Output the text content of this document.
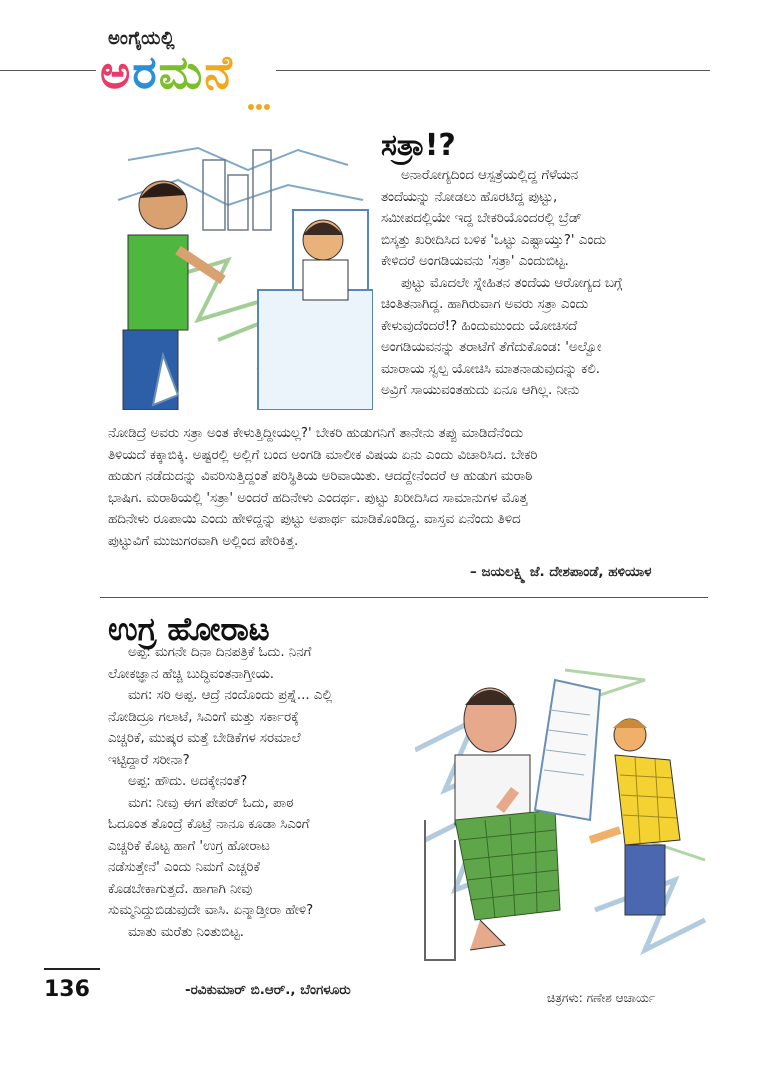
ಅಂಗೈಯಲ್ಲಿ
ಅರಮನೆ
ಸತ್ರಾ!?
ಅನಾರೋಗ್ಯದಿಂದ ಆಸ್ಪತ್ರೆಯಲ್ಲಿದ್ದ ಗೆಳೆಯನ
ತಂದೆಯನ್ನು ನೋಡಲು ಹೊರಟಿದ್ದ ಪುಟ್ಟು,
ಸಮೀಪದಲ್ಲಿಯೇ ಇದ್ದ ಬೇಕರಿಯೊಂದರಲ್ಲಿ ಬ್ರೆಡ್
ಬಿಸ್ಕತ್ತು ಖರೀದಿಸಿದ ಬಳಿಕ 'ಒಟ್ಟು ಎಷ್ಟಾಯ್ತು?' ಎಂದು
ಕೇಳಿದರೆ ಅಂಗಡಿಯವನು 'ಸತ್ರಾ' ಎಂದುಬಿಟ್ಟ.
ಪುಟ್ಟು ಮೊದಲೇ ಸ್ನೇಹಿತನ ತಂದೆಯ ಆರೋಗ್ಯದ ಬಗ್ಗೆ
ಚಿಂತಿತನಾಗಿದ್ದ. ಹಾಗಿರುವಾಗ ಅವರು ಸತ್ರಾ ಎಂದು
ಕೇಳುವುದೆಂದರೆ!? ಹಿಂದುಮುಂದು ಯೋಚಿಸದೆ
ಅಂಗಡಿಯವನನ್ನು ತರಾಟೆಗೆ ತೆಗೆದುಕೊಂಡ: 'ಅಲ್ವೋ
ಮಾರಾಯ ಸ್ವಲ್ಪ ಯೋಚಿಸಿ ಮಾತನಾಡುವುದನ್ನು ಕಲಿ.
ಅವ್ರಿಗೆ ಸಾಯುವಂತಹುದು ಏನೂ ಆಗಿಲ್ಲ. ನೀನು
ನೋಡಿದ್ರೆ ಅವರು ಸತ್ರಾ ಅಂತ ಕೇಳುತ್ತಿದ್ದೀಯಲ್ಲ?' ಬೇಕರಿ ಹುಡುಗನಿಗೆ ತಾನೇನು ತಪ್ಪು ಮಾಡಿದೆನೆಂದು
ತಿಳಿಯದೆ ಕಕ್ಕಾಬಿಕ್ಕಿ. ಅಷ್ಟರಲ್ಲಿ ಅಲ್ಲಿಗೆ ಬಂದ ಅಂಗಡಿ ಮಾಲೀಕ ವಿಷಯ ಏನು ಎಂದು ವಿಚಾರಿಸಿದ. ಬೇಕರಿ
ಹುಡುಗ ನಡೆದುದನ್ನು ವಿವರಿಸುತ್ತಿದ್ದಂತೆ ಪರಿಸ್ಥಿತಿಯ ಅರಿವಾಯಿತು. ಆದದ್ದೇನೆಂದರೆ ಆ ಹುಡುಗ ಮರಾಠಿ
ಭಾಷಿಗ. ಮರಾಠಿಯಲ್ಲಿ 'ಸತ್ರಾ' ಅಂದರೆ ಹದಿನೇಳು ಎಂದರ್ಥ. ಪುಟ್ಟು ಖರೀದಿಸಿದ ಸಾಮಾನುಗಳ ಮೊತ್ತ
ಹದಿನೇಳು ರೂಪಾಯಿ ಎಂದು ಹೇಳಿದ್ದನ್ನು ಪುಟ್ಟು ಅಪಾರ್ಥ ಮಾಡಿಕೊಂಡಿದ್ದ. ವಾಸ್ತವ ಏನೆಂದು ತಿಳಿದ
ಪುಟ್ಟುವಿಗೆ ಮುಜುಗರವಾಗಿ ಅಲ್ಲಿಂದ ಪೇರಿಕಿತ್ತ.
– ಜಯಲಕ್ಷ್ಮಿ ಜೆ. ದೇಶಪಾಂಡೆ, ಹಳಿಯಾಳ
ಉಗ್ರ ಹೋರಾಟ
ಅಪ್ಪ: ಮಗನೇ ದಿನಾ ದಿನಪತ್ರಿಕೆ ಓದು. ನಿನಗೆ
ಲೋಕಜ್ಞಾನ ಹೆಚ್ಚಿ ಬುದ್ಧಿವಂತನಾಗ್ತೀಯ.
ಮಗ: ಸರಿ ಅಪ್ಪ. ಆದ್ರೆ ನಂದೊಂದು ಪ್ರಶ್ನೆ... ಎಲ್ಲಿ
ನೋಡಿದ್ರೂ ಗಲಾಟೆ, ಸಿಎಂಗೆ ಮತ್ತು ಸರ್ಕಾರಕ್ಕೆ
ಎಚ್ಚರಿಕೆ, ಮುಷ್ಕರ ಮತ್ತೆ ಬೇಡಿಕೆಗಳ ಸರಮಾಲೆ
ಇಟ್ಟಿದ್ದಾರೆ ಸರೀನಾ?
ಅಪ್ಪ: ಹೌದು. ಅದಕ್ಕೇನಂತೆ?
ಮಗ: ನೀವು ಈಗ ಪೇಪರ್ ಓದು, ಪಾಠ
ಓದೂಂತ ತೊಂದ್ರೆ ಕೊಟ್ರೆ ನಾನೂ ಕೂಡಾ ಸಿಎಂಗೆ
ಎಚ್ಚರಿಕೆ ಕೊಟ್ಟ ಹಾಗೆ 'ಉಗ್ರ ಹೋರಾಟ
ನಡೆಸುತ್ತೇನೆ' ಎಂದು ನಿಮಗೆ ಎಚ್ಚರಿಕೆ
ಕೊಡಬೇಕಾಗುತ್ತದೆ. ಹಾಗಾಗಿ ನೀವು
ಸುಮ್ಮನಿದ್ದುಬಿಡುವುದೇ ವಾಸಿ. ಏನ್ಮಾಡ್ತೀರಾ ಹೇಳಿ?
ಮಾತು ಮರೆತು ನಿಂತುಬಿಟ್ಟ.
-ರವಿಕುಮಾರ್ ಬಿ.ಆರ್., ಬೆಂಗಳೂರು
136	ಚಿತ್ರಗಳು: ಗಣೇಶ ಆಚಾರ್ಯ
